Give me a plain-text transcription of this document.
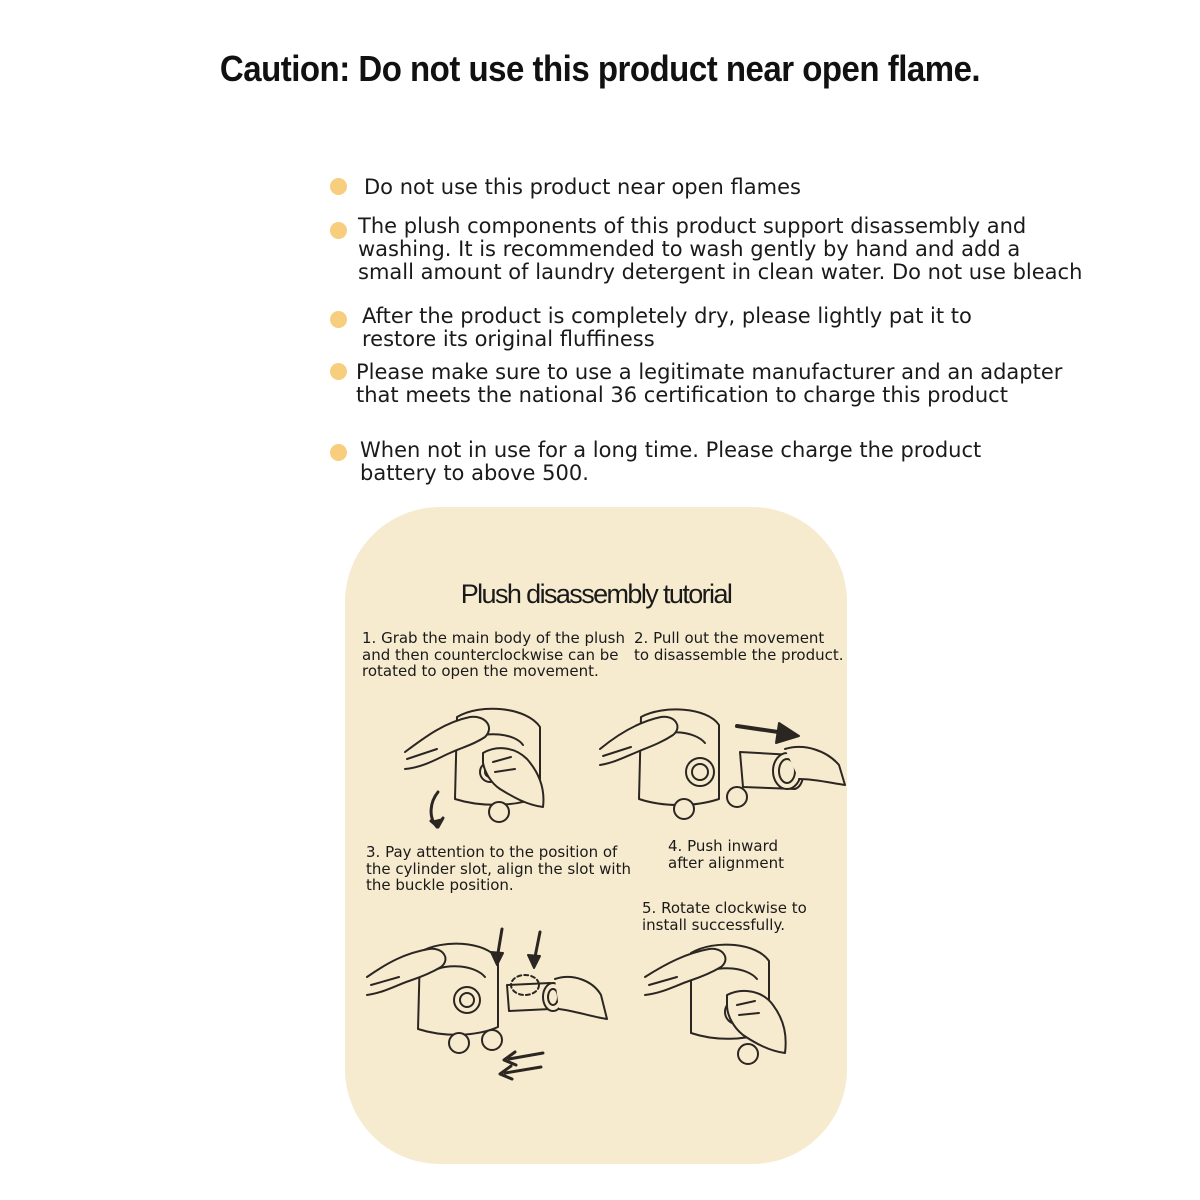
Caution: Do not use this product near open flame.
Do not use this product near open flames
The plush components of this product support disassembly and
washing. It is recommended to wash gently by hand and add a
small amount of laundry detergent in clean water. Do not use bleach
After the product is completely dry, please lightly pat it to
restore its original fluffiness
Please make sure to use a legitimate manufacturer and an adapter
that meets the national 36 certification to charge this product
When not in use for a long time. Please charge the product
battery to above 500.
Plush disassembly tutorial
1. Grab the main body of the plush
and then counterclockwise can be
rotated to open the movement.
2. Pull out the movement
to disassemble the product.
3. Pay attention to the position of
the cylinder slot, align the slot with
the buckle position.
4. Push inward
after alignment
5. Rotate clockwise to
install successfully.
